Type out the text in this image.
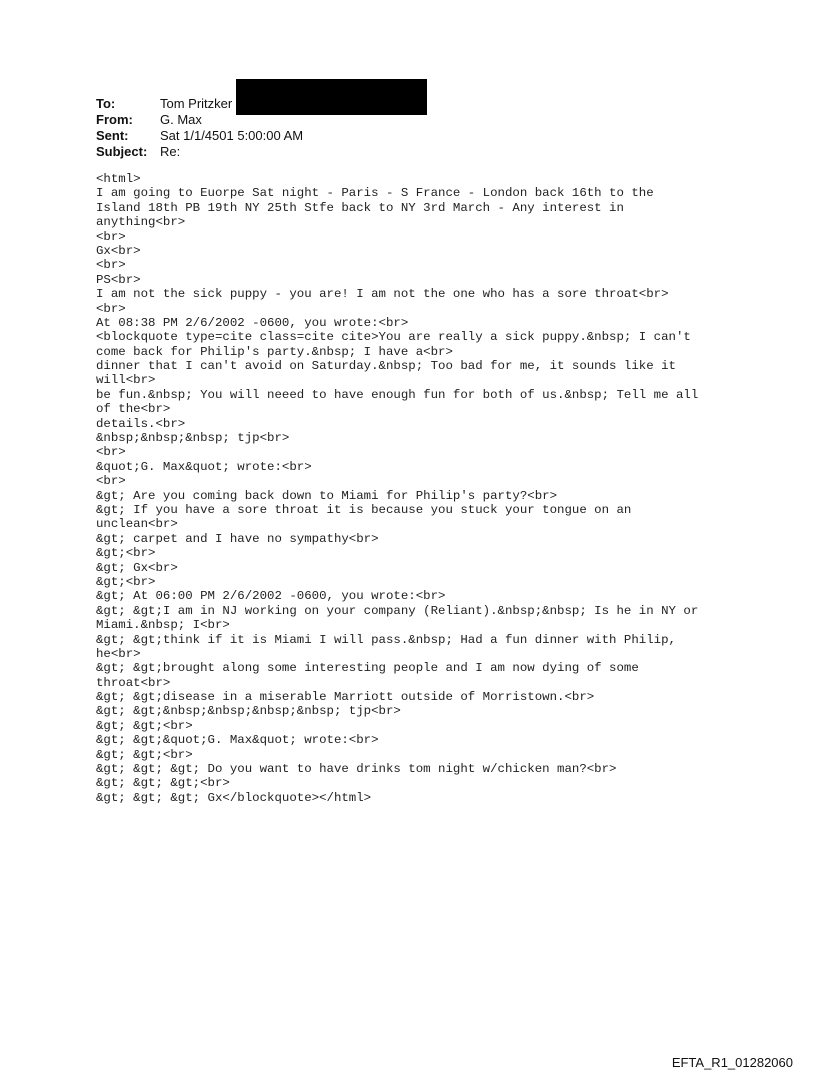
To:	Tom Pritzker
From:	G. Max
Sent:	Sat 1/1/4501 5:00:00 AM
Subject: Re:
<html>
I am going to Euorpe Sat night - Paris - S France - London back 16th to the
Island 18th PB 19th NY 25th Stfe back to NY 3rd March - Any interest in
anything<br>
<br>
Gx<br>
<br>
PS<br>
I am not the sick puppy - you are! I am not the one who has a sore throat<br>
<br>
At 08:38 PM 2/6/2002 -0600, you wrote:<br>
<blockquote type=cite class=cite cite>You are really a sick puppy.&nbsp; I can't
come back for Philip's party.&nbsp; I have a<br>
dinner that I can't avoid on Saturday.&nbsp; Too bad for me, it sounds like it
will<br>
be fun.&nbsp; You will neeed to have enough fun for both of us.&nbsp; Tell me all
of the<br>
details.<br>
&nbsp;&nbsp;&nbsp; tjp<br>
<br>
&quot;G. Max&quot; wrote:<br>
<br>
&gt; Are you coming back down to Miami for Philip's party?<br>
&gt; If you have a sore throat it is because you stuck your tongue on an
unclean<br>
&gt; carpet and I have no sympathy<br>
&gt;<br>
&gt; Gx<br>
&gt;<br>
&gt; At 06:00 PM 2/6/2002 -0600, you wrote:<br>
&gt; &gt;I am in NJ working on your company (Reliant).&nbsp;&nbsp; Is he in NY or
Miami.&nbsp; I<br>
&gt; &gt;think if it is Miami I will pass.&nbsp; Had a fun dinner with Philip,
he<br>
&gt; &gt;brought along some interesting people and I am now dying of some
throat<br>
&gt; &gt;disease in a miserable Marriott outside of Morristown.<br>
&gt; &gt;&nbsp;&nbsp;&nbsp;&nbsp; tjp<br>
&gt; &gt;<br>
&gt; &gt;&quot;G. Max&quot; wrote:<br>
&gt; &gt;<br>
&gt; &gt; &gt; Do you want to have drinks tom night w/chicken man?<br>
&gt; &gt; &gt;<br>
&gt; &gt; &gt; Gx</blockquote></html>
EFTA_R1_01282060
